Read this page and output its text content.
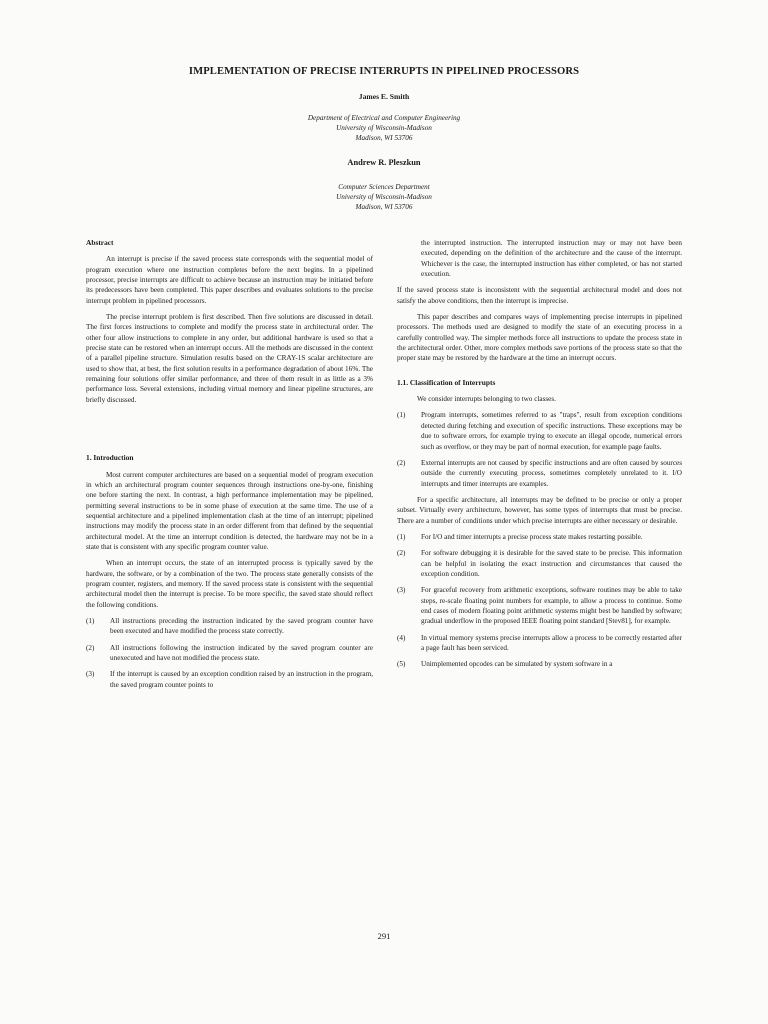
IMPLEMENTATION OF PRECISE INTERRUPTS IN PIPELINED PROCESSORS
James E. Smith
Department of Electrical and Computer Engineering
University of Wisconsin-Madison
Madison, WI 53706
Andrew R. Pleszkun
Computer Sciences Department
University of Wisconsin-Madison
Madison, WI 53706

Abstract

An interrupt is precise if the saved process state corresponds with the sequential model of program execution where one instruction completes before the next begins. In a pipelined processor, precise interrupts are difficult to achieve because an instruction may be initiated before its predecessors have been completed. This paper describes and evaluates solutions to the precise interrupt problem in pipelined processors.

The precise interrupt problem is first described. Then five solutions are discussed in detail. The first forces instructions to complete and modify the process state in architectural order. The other four allow instructions to complete in any order, but additional hardware is used so that a precise state can be restored when an interrupt occurs. All the methods are discussed in the context of a parallel pipeline structure. Simulation results based on the CRAY-1S scalar architecture are used to show that, at best, the first solution results in a performance degradation of about 16%. The remaining four solutions offer similar performance, and three of them result in as little as a 3% performance loss. Several extensions, including virtual memory and linear pipeline structures, are briefly discussed.

1. Introduction

Most current computer architectures are based on a sequential model of program execution in which an architectural program counter sequences through instructions one-by-one, finishing one before starting the next. In contrast, a high performance implementation may be pipelined, permitting several instructions to be in some phase of execution at the same time. The use of a sequential architecture and a pipelined implementation clash at the time of an interrupt; pipelined instructions may modify the process state in an order different from that defined by the sequential architectural model. At the time an interrupt condition is detected, the hardware may not be in a state that is consistent with any specific program counter value.

When an interrupt occurs, the state of an interrupted process is typically saved by the hardware, the software, or by a combination of the two. The process state generally consists of the program counter, registers, and memory. If the saved process state is consistent with the sequential architectural model then the interrupt is precise. To be more specific, the saved state should reflect the following conditions.

(1) All instructions preceding the instruction indicated by the saved program counter have been executed and have modified the process state correctly.
(2) All instructions following the instruction indicated by the saved program counter are unexecuted and have not modified the process state.
(3) If the interrupt is caused by an exception condition raised by an instruction in the program, the saved program counter points to
the interrupted instruction. The interrupted instruction may or may not have been executed, depending on the definition of the architecture and the cause of the interrupt. Whichever is the case, the interrupted instruction has either completed, or has not started execution.

If the saved process state is inconsistent with the sequential architectural model and does not satisfy the above conditions, then the interrupt is imprecise.

This paper describes and compares ways of implementing precise interrupts in pipelined processors. The methods used are designed to modify the state of an executing process in a carefully controlled way. The simpler methods force all instructions to update the process state in the architectural order. Other, more complex methods save portions of the process state so that the proper state may be restored by the hardware at the time an interrupt occurs.

1.1. Classification of Interrupts

We consider interrupts belonging to two classes.

(1) Program interrupts, sometimes referred to as "traps", result from exception conditions detected during fetching and execution of specific instructions. These exceptions may be due to software errors, for example trying to execute an illegal opcode, numerical errors such as overflow, or they may be part of normal execution, for example page faults.
(2) External interrupts are not caused by specific instructions and are often caused by sources outside the currently executing process, sometimes completely unrelated to it. I/O interrupts and timer interrupts are examples.

For a specific architecture, all interrupts may be defined to be precise or only a proper subset. Virtually every architecture, however, has some types of interrupts that must be precise. There are a number of conditions under which precise interrupts are either necessary or desirable.

(1) For I/O and timer interrupts a precise process state makes restarting possible.
(2) For software debugging it is desirable for the saved state to be precise. This information can be helpful in isolating the exact instruction and circumstances that caused the exception condition.
(3) For graceful recovery from arithmetic exceptions, software routines may be able to take steps, re-scale floating point numbers for example, to allow a process to continue. Some end cases of modern floating point arithmetic systems might best be handled by software; gradual underflow in the proposed IEEE floating point standard [Stev81], for example.
(4) In virtual memory systems precise interrupts allow a process to be correctly restarted after a page fault has been serviced.
(5) Unimplemented opcodes can be simulated by system software in a
291
